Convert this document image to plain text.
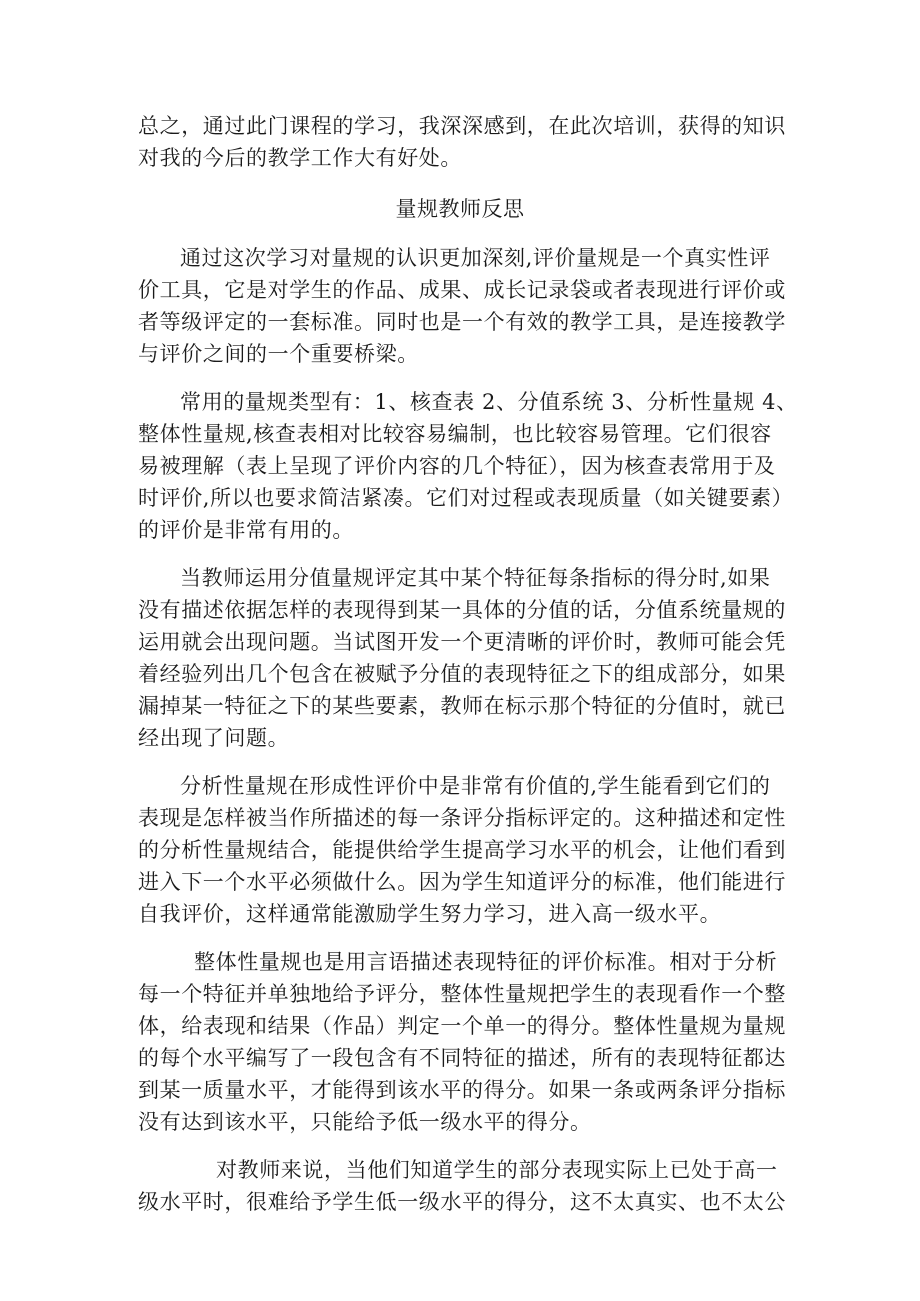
总之，通过此门课程的学习，我深深感到，在此次培训，获得的知识
对我的今后的教学工作大有好处。
量规教师反思
通过这次学习对量规的认识更加深刻,评价量规是一个真实性评
价工具，它是对学生的作品、成果、成长记录袋或者表现进行评价或
者等级评定的一套标准。同时也是一个有效的教学工具，是连接教学
与评价之间的一个重要桥梁。
常用的量规类型有：1、核查表 2、分值系统 3、分析性量规 4、
整体性量规,核查表相对比较容易编制，也比较容易管理。它们很容
易被理解（表上呈现了评价内容的几个特征），因为核查表常用于及
时评价,所以也要求简洁紧凑。它们对过程或表现质量（如关键要素）
的评价是非常有用的。
当教师运用分值量规评定其中某个特征每条指标的得分时,如果
没有描述依据怎样的表现得到某一具体的分值的话，分值系统量规的
运用就会出现问题。当试图开发一个更清晰的评价时，教师可能会凭
着经验列出几个包含在被赋予分值的表现特征之下的组成部分，如果
漏掉某一特征之下的某些要素，教师在标示那个特征的分值时，就已
经出现了问题。
分析性量规在形成性评价中是非常有价值的,学生能看到它们的
表现是怎样被当作所描述的每一条评分指标评定的。这种描述和定性
的分析性量规结合，能提供给学生提高学习水平的机会，让他们看到
进入下一个水平必须做什么。因为学生知道评分的标准，他们能进行
自我评价，这样通常能激励学生努力学习，进入高一级水平。
整体性量规也是用言语描述表现特征的评价标准。相对于分析
每一个特征并单独地给予评分，整体性量规把学生的表现看作一个整
体，给表现和结果（作品）判定一个单一的得分。整体性量规为量规
的每个水平编写了一段包含有不同特征的描述，所有的表现特征都达
到某一质量水平，才能得到该水平的得分。如果一条或两条评分指标
没有达到该水平，只能给予低一级水平的得分。
对教师来说，当他们知道学生的部分表现实际上已处于高一
级水平时，很难给予学生低一级水平的得分，这不太真实、也不太公
